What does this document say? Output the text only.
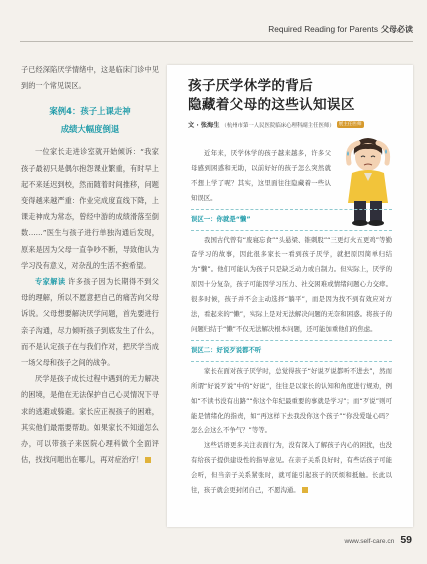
Required Reading for Parents 父母必读

子已经深陷厌学情绪中，这是临床门诊中见到的一个常见误区。

案例4：孩子上课走神
成绩大幅度倒退

一位家长走进诊室就开始倾诉：“我家孩子最初只是偶尔抱怨课业繁重，有时早上起不来延迟到校，然而随着时间推移，问题变得越来越严重：作业完成度直线下降，上课走神成为常态，曾经中游的成绩滑落至倒数……”医生与孩子进行单独沟通后发现，原来是因为父母一直争吵不断，导致他认为学习没有意义，对杂乱的生活不抱希望。

专家解读 许多孩子因为长期得不到父母的理解，所以不愿意把自己的痛苦向父母诉说。父母想要解决厌学问题，首先要进行亲子沟通，尽力倾听孩子到底发生了什么，而不是认定孩子在与我们作对，把厌学当成一场父母和孩子之间的战争。

厌学是孩子成长过程中遇到的无力解决的困境，是他在无法保护自己心灵情况下寻求的逃避或躲避。家长应正视孩子的困难，其实他们最需要帮助。如果家长不知道怎么办，可以带孩子来医院心理科做个全面评估，找找问题出在哪儿，再对症治疗！

孩子厌学休学的背后
隐藏着父母的这些认知误区
文 · 张海生 （杭州市第一人民医院临床心理科副主任医师） 展主任医师

近年来，厌学休学的孩子越来越多，许多父母感到困惑和无助，以前好好的孩子怎么突然就不想上学了呢？其实，这里面往往隐藏着一些认知误区。

误区一：你就是“懒”

我国古代曾有“废寝忘食”“头悬梁、锥刺股”“三更灯火五更鸡”等勤奋学习的故事，因此很多家长一看到孩子厌学，就把原因简单归结为“懒”。他们可能认为孩子只是缺乏动力或自制力。但实际上，厌学的原因十分复杂，孩子可能因学习压力、社交困难或情绪问题心力交瘁。很多时候，孩子并不会主动选择“躺平”，而是因为找不到有效应对方法，看起来的“懒”，实际上是对无法解决问题的无奈和困惑。将孩子的问题归结于“懒”不仅无法解决根本问题，还可能加重他们的焦虑。

误区二：好说歹说都不听

家长在面对孩子厌学时，总觉得孩子“好说歹说都听不进去”，然而所谓“好说歹说”中的“好说”，往往是以家长的认知和角度进行规劝，例如“不读书没有出路”“你这个年纪最重要的事就是学习”；而“歹说”则可能是情绪化的指责，如“再这样下去我没你这个孩子”“你没爱耻心吗？怎么会这么不争气？”等等。

这些话语更多关注表面行为，没有深入了解孩子内心的困扰，也没有给孩子提供建设性的指导意见。在亲子关系良好时，有些话孩子可能会听，但当亲子关系紧张时，就可能引起孩子的厌烦和抵触。长此以往，孩子就会更封闭自己，不愿沟通。

www.self-care.cn 59
